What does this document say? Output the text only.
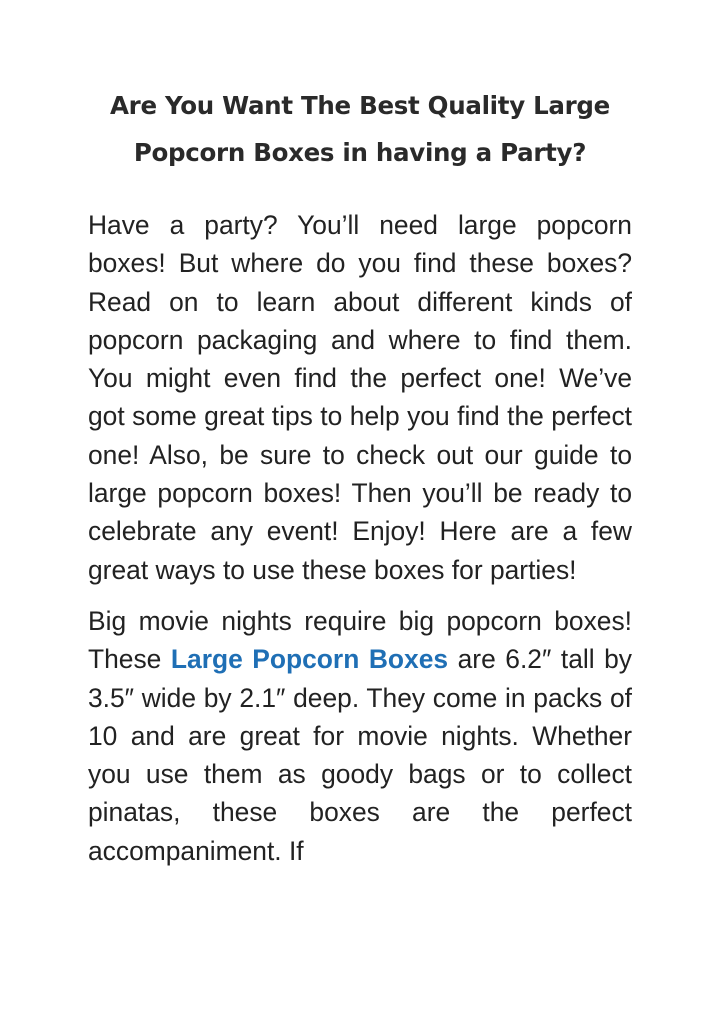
Are You Want The Best Quality Large Popcorn Boxes in having a Party?

Have a party? You’ll need large popcorn boxes! But where do you find these boxes? Read on to learn about different kinds of popcorn packaging and where to find them. You might even find the perfect one! We’ve got some great tips to help you find the perfect one! Also, be sure to check out our guide to large popcorn boxes! Then you’ll be ready to celebrate any event! Enjoy! Here are a few great ways to use these boxes for parties!

Big movie nights require big popcorn boxes! These Large Popcorn Boxes are 6.2″ tall by 3.5″ wide by 2.1″ deep. They come in packs of 10 and are great for movie nights. Whether you use them as goody bags or to collect pinatas, these boxes are the perfect accompaniment. If
